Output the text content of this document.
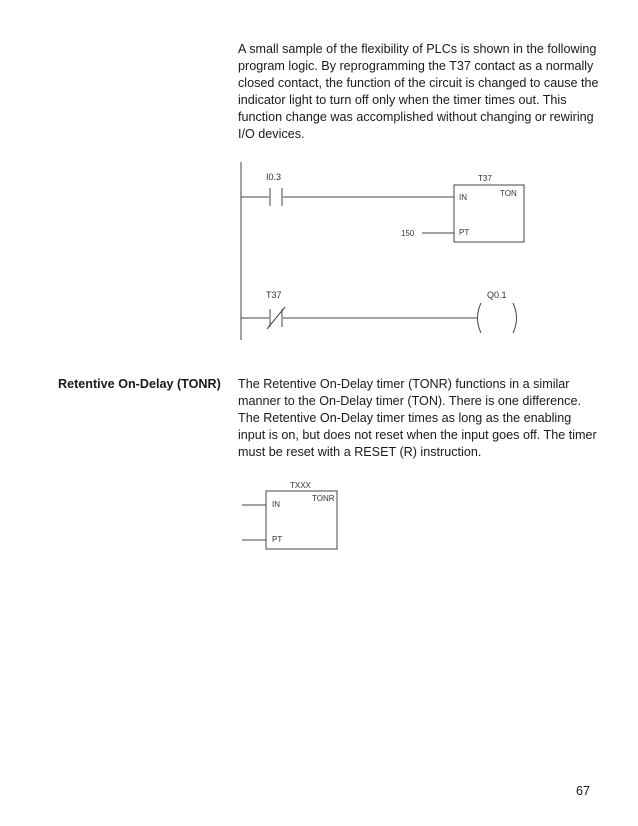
A small sample of the flexibility of PLCs is shown in the following program logic. By reprogramming the T37 contact as a normally closed contact, the function of the circuit is changed to cause the indicator light to turn off only when the timer times out. This function change was accomplished without changing or rewiring I/O devices.

I0.3	T37
IN	TON
PT
150
T37	Q0.1

Retentive On-Delay (TONR) The Retentive On-Delay timer (TONR) functions in a similar manner to the On-Delay timer (TON). There is one difference. The Retentive On-Delay timer times as long as the enabling input is on, but does not reset when the input goes off. The timer must be reset with a RESET (R) instruction.

TXXX
IN
TONR
PT

67
